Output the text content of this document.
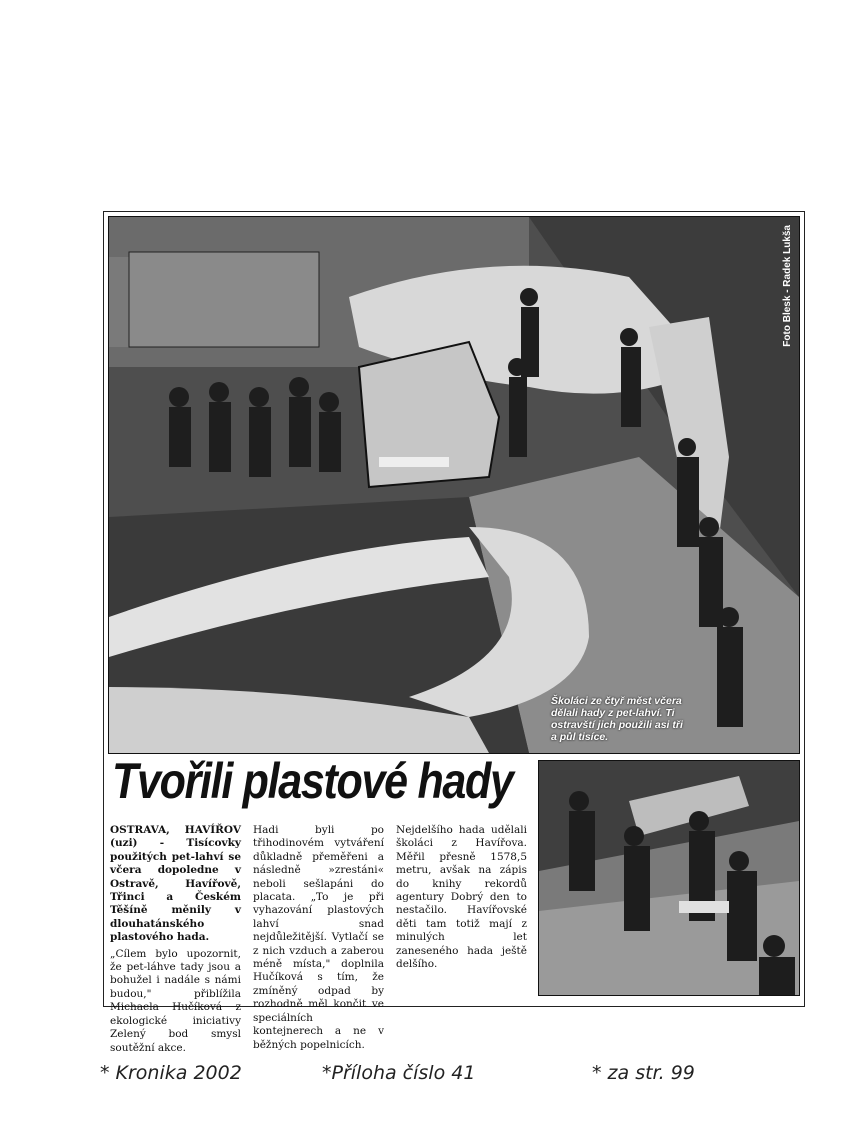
Foto Blesk - Radek Lukša
Školáci ze čtyř měst včera dělali hady z pet-lahví. Ti ostravští jich použili asi tři a půl tisíce.
Tvořili plastové hady

OSTRAVA, HAVÍŘOV (uzi) - Tisícovky použitých pet-lahví se včera dopoledne v Ostravě, Havířově, Třinci a Českém Těšíně měnily v dlouhatánského plastového hada.

„Cílem bylo upozornit, že pet-láhve tady jsou a bohužel i nadále s námi budou," přiblížila Michaela Hučíková z ekologické iniciativy Zelený bod smysl soutěžní akce.

Hadi byli po třihodinovém vytváření důkladně přeměřeni a následně »zrestáni« neboli sešlapáni do placata. „To je při vyhazování plastových lahví snad nejdůležitější. Vytlačí se z nich vzduch a zaberou méně místa," doplnila Hučíková s tím, že zmíněný odpad by rozhodně měl končit ve speciálních kontejnerech a ne v běžných popelnicích.

Nejdelšího hada udělali školáci z Havířova. Měřil přesně 1578,5 metru, avšak na zápis do knihy rekordů agentury Dobrý den to nestačilo. Havířovské děti tam totiž mají z minulých let zaneseného hada ještě delšího.

* Kronika 2002	*Příloha číslo 41	* za str. 99
